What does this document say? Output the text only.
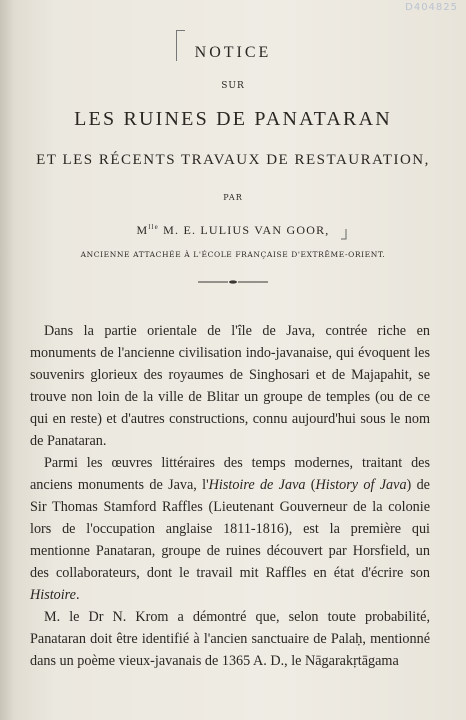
D404825
NOTICE
SUR
LES RUINES DE PANATARAN
ET LES RÉCENTS TRAVAUX DE RESTAURATION,
PAR
$M^{lle}$ M. E. LULIUS VAN GOOR,
ANCIENNE ATTACHÉE À L'ÉCOLE FRANÇAISE D'EXTRÊME-ORIENT.

Dans la partie orientale de l'île de Java, contrée riche en monuments de l'ancienne civilisation indo-javanaise, qui évoquent les souvenirs glorieux des royaumes de Singhosari et de Majapahit, se trouve non loin de la ville de Blitar un groupe de temples (ou de ce qui en reste) et d'autres constructions, connu aujourd'hui sous le nom de Panataran.

Parmi les œuvres littéraires des temps modernes, traitant des anciens monuments de Java, l'Histoire de Java (History of Java) de Sir Thomas Stamford Raffles (Lieutenant Gouverneur de la colonie lors de l'occupation anglaise 1811-1816), est la première qui mentionne Panataran, groupe de ruines découvert par Horsfield, un des collaborateurs, dont le travail mit Raffles en état d'écrire son Histoire.

M. le Dr N. Krom a démontré que, selon toute probabilité, Panataran doit être identifié à l'ancien sanctuaire de Palaḥ, mentionné dans un poème vieux-javanais de 1365 A. D., le Nāgarakṛtāgama
